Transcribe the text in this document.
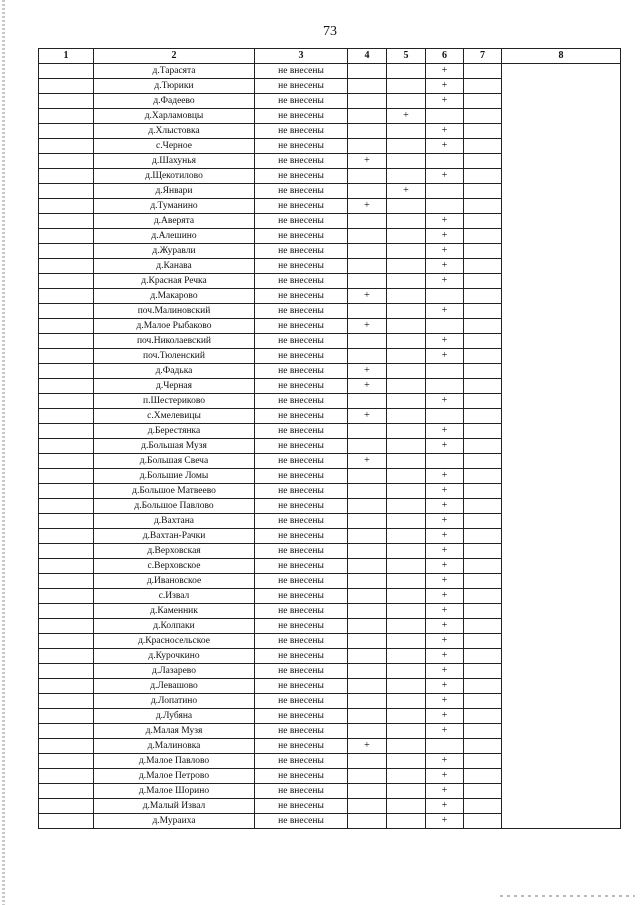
73
1	2	3	4	5	6	7	8
	д.Тарасята	не внесены			+		
	д.Тюрики	не внесены			+		
	д.Фадеево	не внесены			+		
	д.Харламовцы	не внесены		+			
	д.Хлыстовка	не внесены			+		
	с.Черное	не внесены			+		
	д.Шахунья	не внесены	+				
	д.Щекотилово	не внесены			+		
	д.Январи	не внесены		+			
	д.Туманино	не внесены	+				
	д.Аверята	не внесены			+		
	д.Алешино	не внесены			+		
	д.Журавли	не внесены			+		
	д.Канава	не внесены			+		
	д.Красная Речка	не внесены			+		
	д.Макарово	не внесены	+				
	поч.Малиновский	не внесены			+		
	д.Малое Рыбаково	не внесены	+				
	поч.Николаевский	не внесены			+		
	поч.Тюленский	не внесены			+		
	д.Фадька	не внесены	+				
	д.Черная	не внесены	+				
	п.Шестериково	не внесены			+		
	с.Хмелевицы	не внесены	+				
	д.Берестянка	не внесены			+		
	д.Большая Музя	не внесены			+		
	д.Большая Свеча	не внесены	+				
	д.Большие Ломы	не внесены			+		
	д.Большое Матвеево	не внесены			+		
	д.Большое Павлово	не внесены			+		
	д.Вахтана	не внесены			+		
	д.Вахтан-Рачки	не внесены			+		
	д.Верховская	не внесены			+		
	с.Верховское	не внесены			+		
	д.Ивановское	не внесены			+		
	с.Извал	не внесены			+		
	д.Каменник	не внесены			+		
	д.Колпаки	не внесены			+		
	д.Красносельское	не внесены			+		
	д.Курочкино	не внесены			+		
	д.Лазарево	не внесены			+		
	д.Левашово	не внесены			+		
	д.Лопатино	не внесены			+		
	д.Лубяна	не внесены			+		
	д.Малая Музя	не внесены			+		
	д.Малиновка	не внесены	+				
	д.Малое Павлово	не внесены			+		
	д.Малое Петрово	не внесены			+		
	д.Малое Шорино	не внесены			+		
	д.Малый Извал	не внесены			+		
	д.Мураиха	не внесены			+		
